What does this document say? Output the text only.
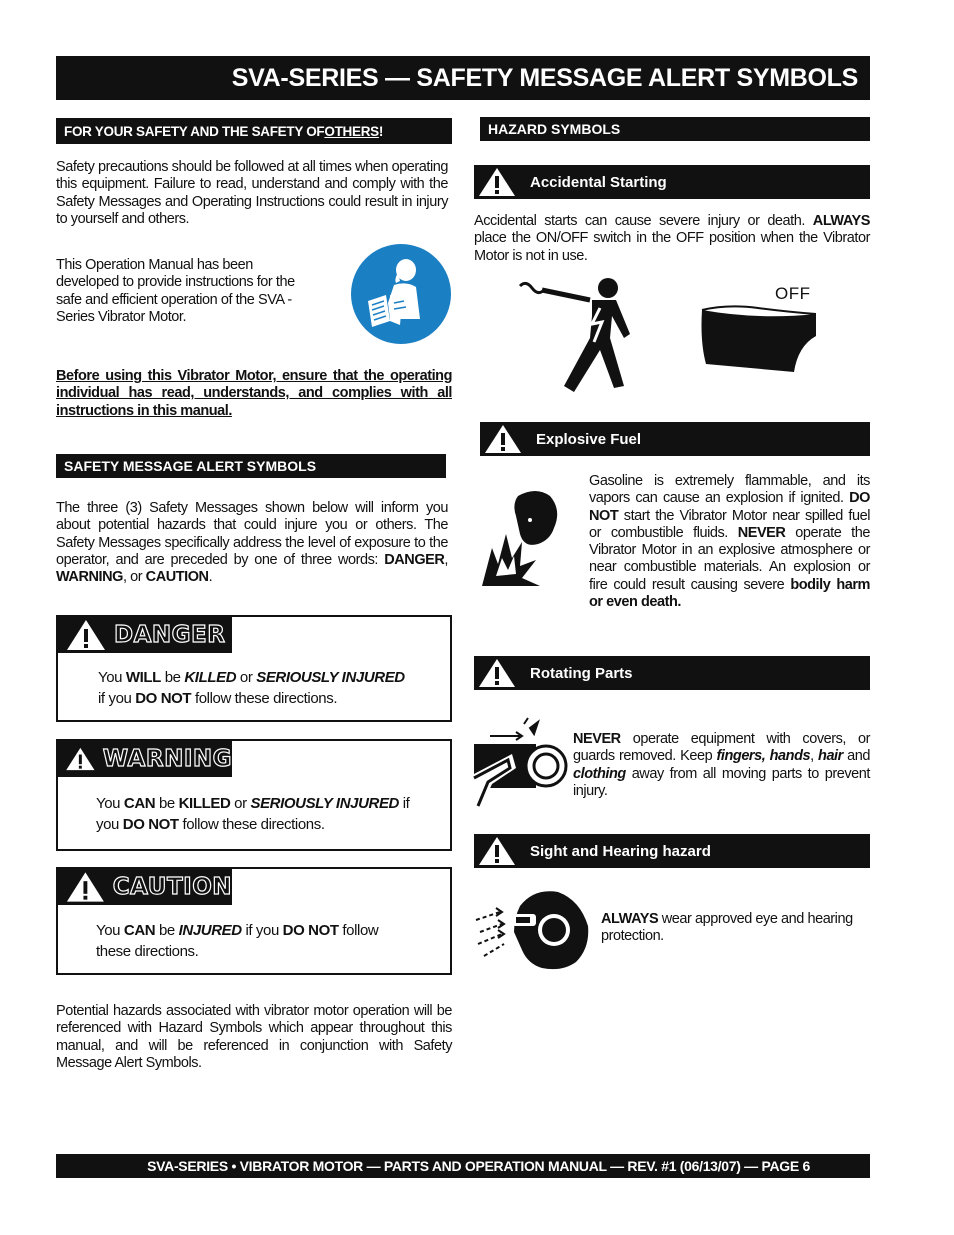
SVA-SERIES — SAFETY MESSAGE ALERT SYMBOLS
FOR YOUR SAFETY AND THE SAFETY OF OTHERS !
Safety precautions should be followed at all times when operating this equipment. Failure to read, understand and comply with the Safety Messages and Operating Instructions could result in injury to yourself and others.
This Operation Manual has been
developed to provide instructions for the
safe and efficient operation of the SVA -
Series Vibrator Motor.
Before using this Vibrator Motor, ensure that the operating individual has read, understands, and complies with all instructions in this manual.
SAFETY MESSAGE ALERT SYMBOLS
The three (3) Safety Messages shown below will inform you about potential hazards that could injure you or others. The Safety Messages specifically address the level of exposure to the operator, and are preceded by one of three words: DANGER, WARNING, or CAUTION.
DANGER
You WILL be KILLED or SERIOUSLY INJURED
if you DO NOT follow these directions.
WARNING
You CAN be KILLED or SERIOUSLY INJURED if
you DO NOT follow these directions.
CAUTION
You CAN be INJURED if you DO NOT follow
these directions.
Potential hazards associated with vibrator motor operation will be referenced with Hazard Symbols which appear throughout this manual, and will be referenced in conjunction with Safety Message Alert Symbols.
HAZARD SYMBOLS
Accidental Starting
Accidental starts can cause severe injury or death. ALWAYS place the ON/OFF switch in the OFF position when the Vibrator Motor is not in use.
OFF
Explosive Fuel
Gasoline is extremely flammable, and its vapors can cause an explosion if ignited. DO NOT start the Vibrator Motor near spilled fuel or combustible fluids. NEVER operate the Vibrator Motor in an explosive atmosphere or near combustible materials. An explosion or fire could result causing severe bodily harm or even death.
Rotating Parts
NEVER operate equipment with covers, or guards removed. Keep fingers, hands, hair and clothing away from all moving parts to prevent injury.
Sight and Hearing hazard
ALWAYS wear approved eye and hearing protection.
SVA-SERIES • VIBRATOR MOTOR — PARTS AND OPERATION MANUAL — REV. #1 (06/13/07) — PAGE 6
